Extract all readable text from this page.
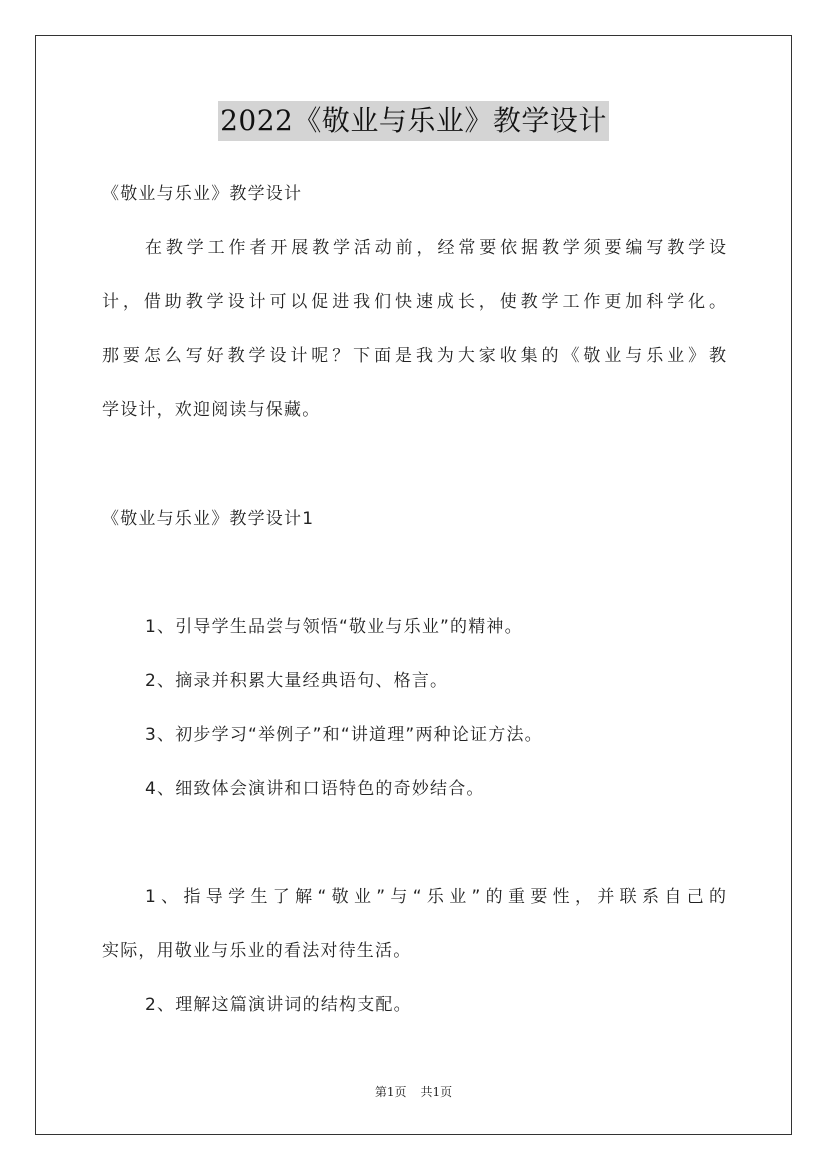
2022《敬业与乐业》教学设计
《敬业与乐业》教学设计
在教学工作者开展教学活动前，经常要依据教学须要编写教学设
计，借助教学设计可以促进我们快速成长，使教学工作更加科学化。
那要怎么写好教学设计呢？下面是我为大家收集的《敬业与乐业》教
学设计，欢迎阅读与保藏。
《敬业与乐业》教学设计1
1、引导学生品尝与领悟“敬业与乐业”的精神。
2、摘录并积累大量经典语句、格言。
3、初步学习“举例子”和“讲道理”两种论证方法。
4、细致体会演讲和口语特色的奇妙结合。
1、指导学生了解“敬业”与“乐业”的重要性，并联系自己的
实际，用敬业与乐业的看法对待生活。
2、理解这篇演讲词的结构支配。
第1页 共1页
